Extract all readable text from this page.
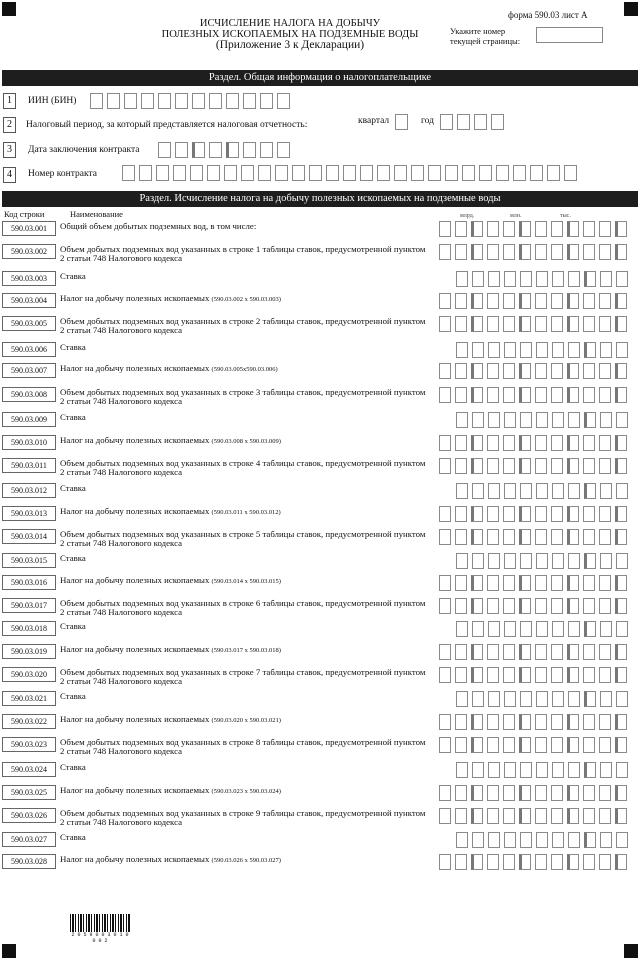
форма 590.03 лист А
ИСЧИСЛЕНИЕ НАЛОГА НА ДОБЫЧУ
ПОЛЕЗНЫХ ИСКОПАЕМЫХ НА ПОДЗЕМНЫЕ ВОДЫ
(Приложение 3 к Декларации)
Укажите номер
текущей страницы:
Раздел. Общая информация о налогоплательщике
1	ИИН (БИН)
2	Налоговый период, за который представляется налоговая отчетность:	квартал	год
3	Дата заключения контракта
4	Номер контракта
Раздел. Исчисление налога на добычу полезных ископаемых на подземные воды
Код строки	Наименование	млрд.	млн.	тыс.
590.03.001	Общий объем добытых подземных вод, в том числе:
590.03.002	Объем добытых подземных вод указанных в строке 1 таблицы ставок, предусмотренной пунктом 2 статьи 748 Налогового кодекса
590.03.003	Ставка
590.03.004	Налог на добычу полезных ископаемых (590.03.002 х 590.03.003)
590.03.005	Объем добытых подземных вод указанных в строке 2 таблицы ставок, предусмотренной пунктом 2 статьи 748 Налогового кодекса
590.03.006	Ставка
590.03.007	Налог на добычу полезных ископаемых (590.03.005х590.03.006)
590.03.008	Объем добытых подземных вод указанных в строке 3 таблицы ставок, предусмотренной пунктом 2 статьи 748 Налогового кодекса
590.03.009	Ставка
590.03.010	Налог на добычу полезных ископаемых (590.03.008 х 590.03.009)
590.03.011	Объем добытых подземных вод указанных в строке 4 таблицы ставок, предусмотренной пунктом 2 статьи 748 Налогового кодекса
590.03.012	Ставка
590.03.013	Налог на добычу полезных ископаемых (590.03.011 х 590.03.012)
590.03.014	Объем добытых подземных вод указанных в строке 5 таблицы ставок, предусмотренной пунктом 2 статьи 748 Налогового кодекса
590.03.015	Ставка
590.03.016	Налог на добычу полезных ископаемых (590.03.014 х 590.03.015)
590.03.017	Объем добытых подземных вод указанных в строке 6 таблицы ставок, предусмотренной пунктом 2 статьи 748 Налогового кодекса
590.03.018	Ставка
590.03.019	Налог на добычу полезных ископаемых (590.03.017 х 590.03.018)
590.03.020	Объем добытых подземных вод указанных в строке 7 таблицы ставок, предусмотренной пунктом 2 статьи 748 Налогового кодекса
590.03.021	Ставка
590.03.022	Налог на добычу полезных ископаемых (590.03.020 х 590.03.021)
590.03.023	Объем добытых подземных вод указанных в строке 8 таблицы ставок, предусмотренной пунктом 2 статьи 748 Налогового кодекса
590.03.024	Ставка
590.03.025	Налог на добычу полезных ископаемых (590.03.023 х 590.03.024)
590.03.026	Объем добытых подземных вод указанных в строке 9 таблицы ставок, предусмотренной пунктом 2 статьи 748 Налогового кодекса
590.03.027	Ставка
590.03.028	Налог на добычу полезных ископаемых (590.03.026 х 590.03.027)
2 0 5 9 0 0 3 0 1 0 0 0 2
